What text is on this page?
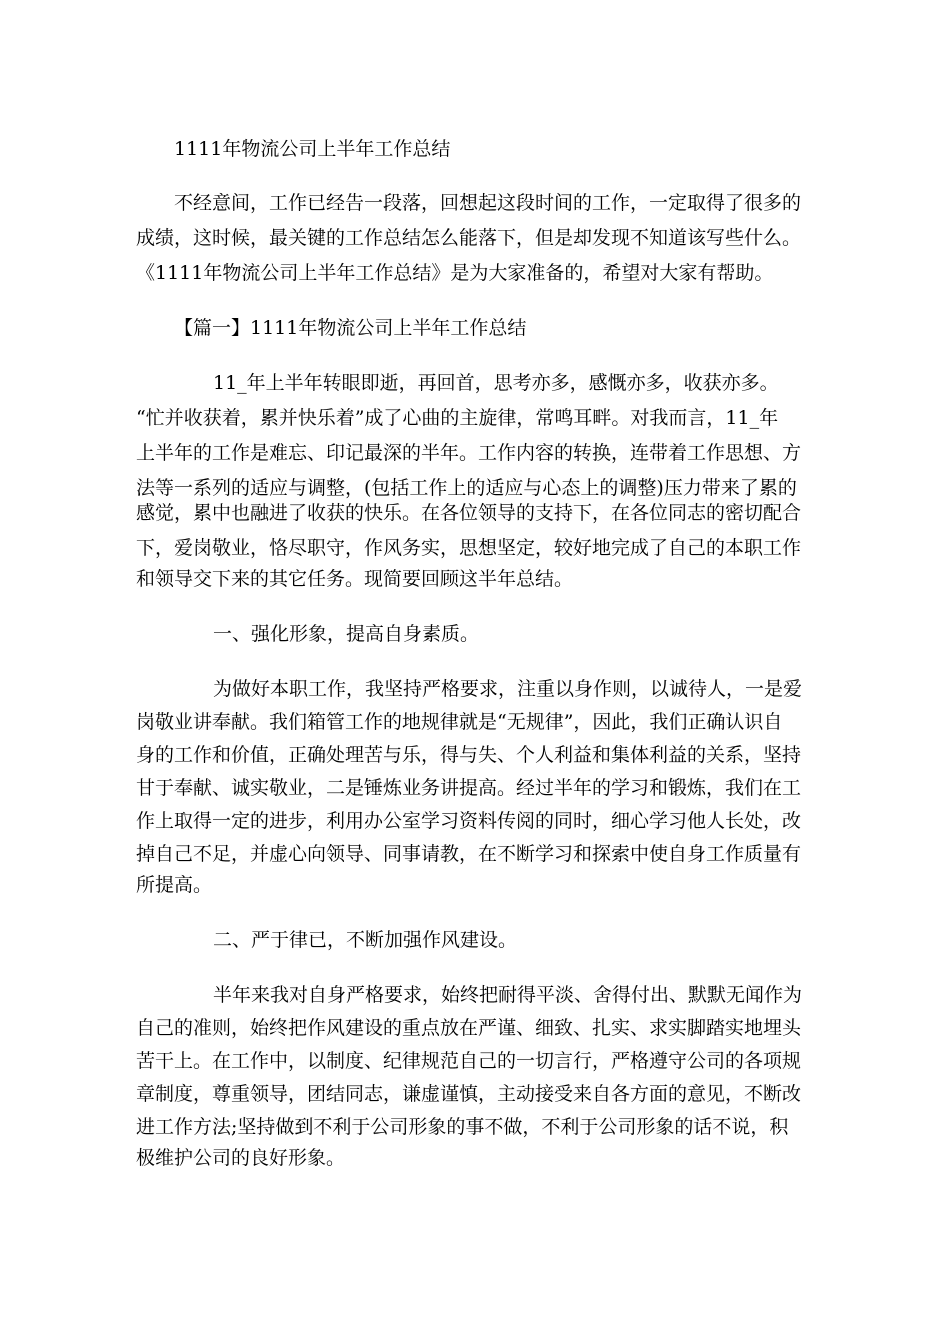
1111年物流公司上半年工作总结
不经意间，工作已经告一段落，回想起这段时间的工作，一定取得了很多的
成绩，这时候，最关键的工作总结怎么能落下，但是却发现不知道该写些什么。
《1111年物流公司上半年工作总结》是为大家准备的，希望对大家有帮助。
【篇一】1111年物流公司上半年工作总结
11_年上半年转眼即逝，再回首，思考亦多，感慨亦多，收获亦多。
“忙并收获着，累并快乐着”成了心曲的主旋律，常鸣耳畔。对我而言，11_年
上半年的工作是难忘、印记最深的半年。工作内容的转换，连带着工作思想、方
法等一系列的适应与调整，(包括工作上的适应与心态上的调整)压力带来了累的
感觉，累中也融进了收获的快乐。在各位领导的支持下，在各位同志的密切配合
下，爱岗敬业，恪尽职守，作风务实，思想坚定，较好地完成了自己的本职工作
和领导交下来的其它任务。现简要回顾这半年总结。
一、强化形象，提高自身素质。
为做好本职工作，我坚持严格要求，注重以身作则，以诚待人，一是爱
岗敬业讲奉献。我们箱管工作的地规律就是“无规律”，因此，我们正确认识自
身的工作和价值，正确处理苦与乐，得与失、个人利益和集体利益的关系，坚持
甘于奉献、诚实敬业，二是锤炼业务讲提高。经过半年的学习和锻炼，我们在工
作上取得一定的进步，利用办公室学习资料传阅的同时，细心学习他人长处，改
掉自己不足，并虚心向领导、同事请教，在不断学习和探索中使自身工作质量有
所提高。
二、严于律已，不断加强作风建设。
半年来我对自身严格要求，始终把耐得平淡、舍得付出、默默无闻作为
自己的准则，始终把作风建设的重点放在严谨、细致、扎实、求实脚踏实地埋头
苦干上。在工作中，以制度、纪律规范自己的一切言行，严格遵守公司的各项规
章制度，尊重领导，团结同志，谦虚谨慎，主动接受来自各方面的意见，不断改
进工作方法;坚持做到不利于公司形象的事不做，不利于公司形象的话不说，积
极维护公司的良好形象。
